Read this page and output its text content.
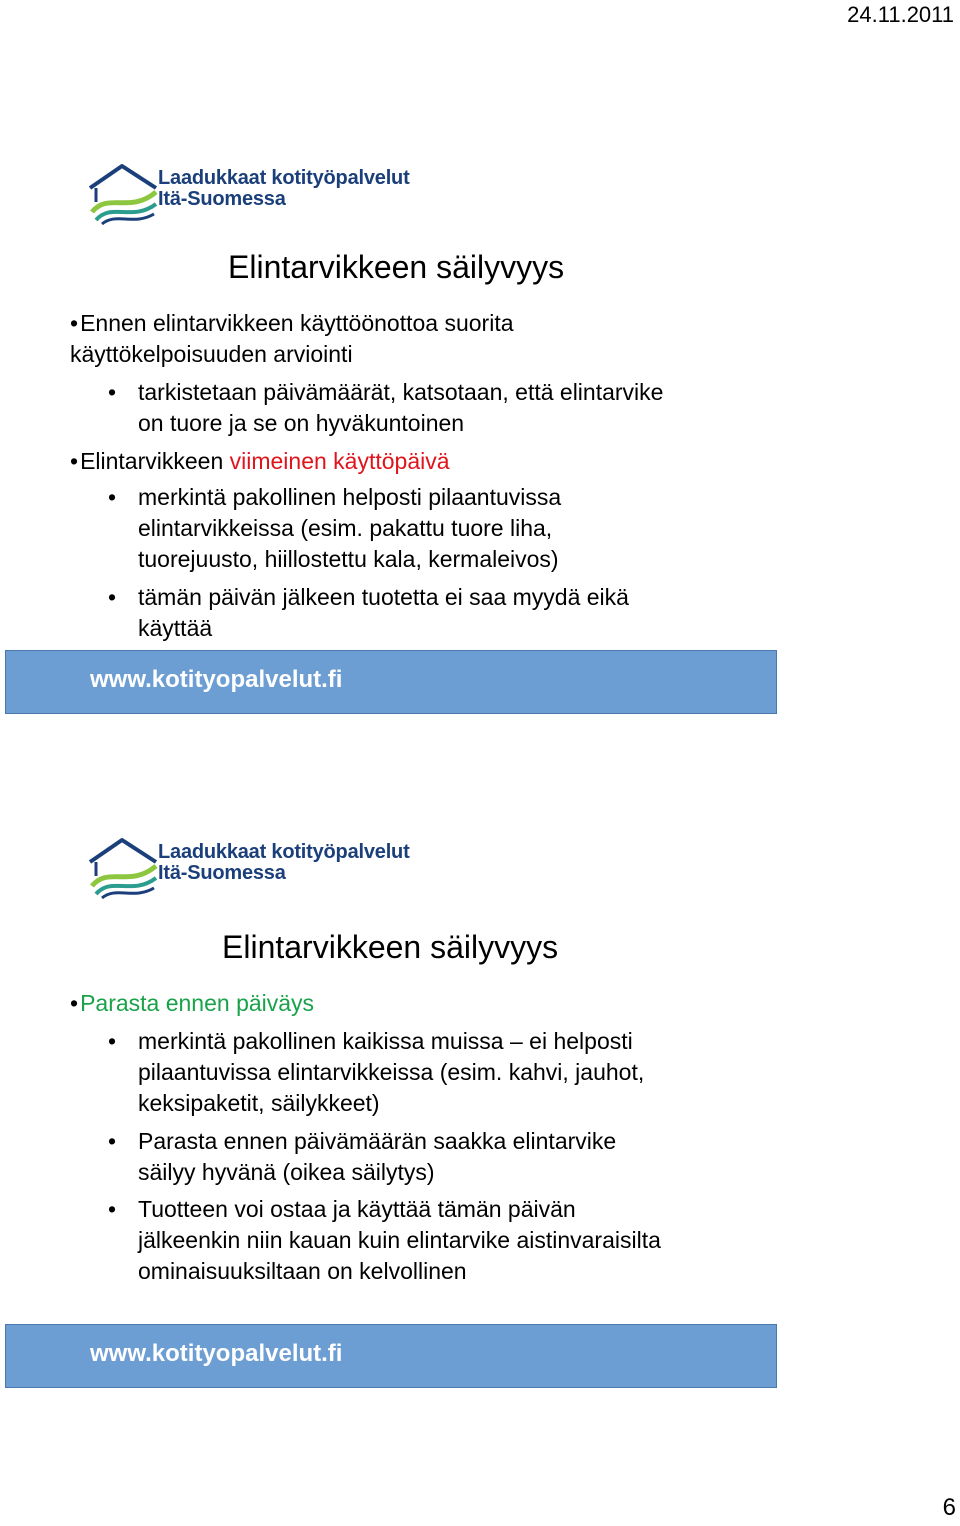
24.11.2011
Laadukkaat kotityöpalvelut
Itä-Suomessa
Elintarvikkeen säilyvyys
•Ennen elintarvikkeen käyttöönottoa suorita
käyttökelpoisuuden arviointi
• tarkistetaan päivämäärät, katsotaan, että elintarvike
on tuore ja se on hyväkuntoinen
•Elintarvikkeen viimeinen käyttöpäivä
• merkintä pakollinen helposti pilaantuvissa
elintarvikkeissa (esim. pakattu tuore liha,
tuorejuusto, hiillostettu kala, kermaleivos)
• tämän päivän jälkeen tuotetta ei saa myydä eikä
käyttää
www.kotityopalvelut.fi
Laadukkaat kotityöpalvelut
Itä-Suomessa
Elintarvikkeen säilyvyys
•Parasta ennen päiväys
• merkintä pakollinen kaikissa muissa – ei helposti
pilaantuvissa elintarvikkeissa (esim. kahvi, jauhot,
keksipaketit, säilykkeet)
• Parasta ennen päivämäärän saakka elintarvike
säilyy hyvänä (oikea säilytys)
• Tuotteen voi ostaa ja käyttää tämän päivän
jälkeenkin niin kauan kuin elintarvike aistinvaraisilta
ominaisuuksiltaan on kelvollinen
www.kotityopalvelut.fi
6
